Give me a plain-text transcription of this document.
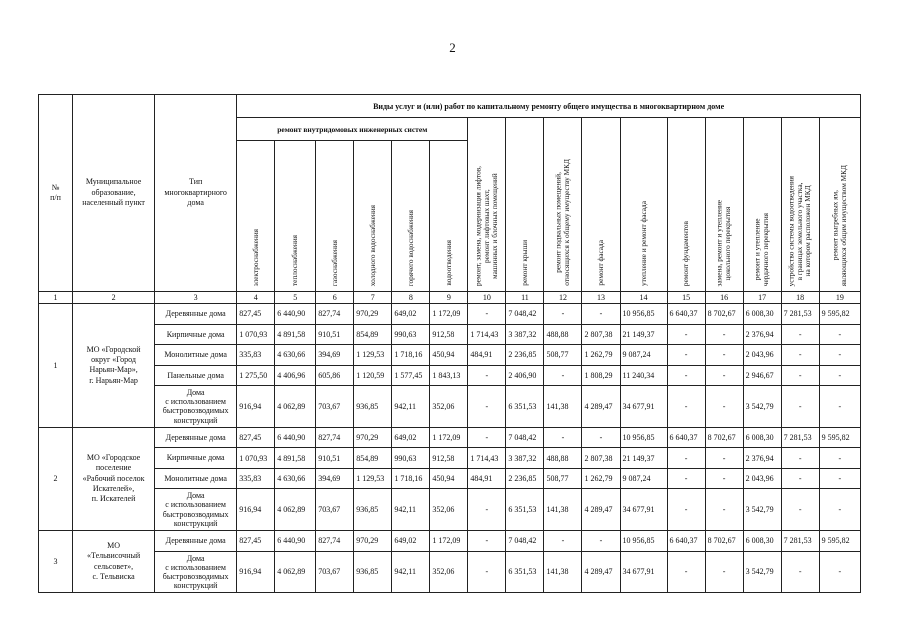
2
№
п/п	Муниципальное
образование,
населенный пункт	Тип
многоквартирного
дома	Виды услуг и (или) работ по капитальному ремонту общего имущества в многоквартирном доме															
			ремонт внутридомовых инженерных систем						ремонт, замена, модернизация лифтов,
ремонт лифтовых шахт,
машинных и блочных помещений	ремонт крыши	ремонт подвальных помещений,
относящихся к общему имуществу МКД	ремонт фасада	утепление и ремонт фасада	ремонт фундаментов	замена, ремонт и утепление
цокольного перекрытия	ремонт и утепление
чердачного перекрытия	устройство системы водоотведения
в границах земельного участка,
на котором расположен МКД	ремонт выгребных ям,
являющихся общим имуществом МКД

			электроснабжения	теплоснабжения	газоснабжения	холодного водоснабжения	горячего водоснабжения	водоотведения										

1	2	3	4	5	6	7	8	9	10	11	12	13	14	15	16	17	18	19
1	МО «Городской
округ «Город
Нарьян-Мар»,
г. Нарьян-Мар	Деревянные дома	827,45	6 440,90	827,74	970,29	649,02	1 172,09	-	7 048,42	-	-	10 956,85	6 640,37	8 702,67	6 008,30	7 281,53	9 595,82
		Кирпичные дома	1 070,93	4 891,58	910,51	854,89	990,63	912,58	1 714,43	3 387,32	488,88	2 807,38	21 149,37	-	-	2 376,94	-	-
		Монолитные дома	335,83	4 630,66	394,69	1 129,53	1 718,16	450,94	484,91	2 236,85	508,77	1 262,79	9 087,24	-	-	2 043,96	-	-
		Панельные дома	1 275,50	4 406,96	605,86	1 120,59	1 577,45	1 843,13	-	2 406,90	-	1 808,29	11 240,34	-	-	2 946,67	-	-
		Дома
с использованием
быстровозводимых
конструкций	916,94	4 062,89	703,67	936,85	942,11	352,06	-	6 351,53	141,38	4 289,47	34 677,91	-	-	3 542,79	-	-
2	МО «Городское
поселение
«Рабочий поселок
Искателей»,
п. Искателей	Деревянные дома	827,45	6 440,90	827,74	970,29	649,02	1 172,09	-	7 048,42	-	-	10 956,85	6 640,37	8 702,67	6 008,30	7 281,53	9 595,82
		Кирпичные дома	1 070,93	4 891,58	910,51	854,89	990,63	912,58	1 714,43	3 387,32	488,88	2 807,38	21 149,37	-	-	2 376,94	-	-
		Монолитные дома	335,83	4 630,66	394,69	1 129,53	1 718,16	450,94	484,91	2 236,85	508,77	1 262,79	9 087,24	-	-	2 043,96	-	-
		Дома
с использованием
быстровозводимых
конструкций	916,94	4 062,89	703,67	936,85	942,11	352,06	-	6 351,53	141,38	4 289,47	34 677,91	-	-	3 542,79	-	-
3	МО
«Тельвисочный
сельсовет»,
с. Тельвиска	Деревянные дома	827,45	6 440,90	827,74	970,29	649,02	1 172,09	-	7 048,42	-	-	10 956,85	6 640,37	8 702,67	6 008,30	7 281,53	9 595,82
		Дома
с использованием
быстровозводимых
конструкций	916,94	4 062,89	703,67	936,85	942,11	352,06	-	6 351,53	141,38	4 289,47	34 677,91	-	-	3 542,79	-	-
